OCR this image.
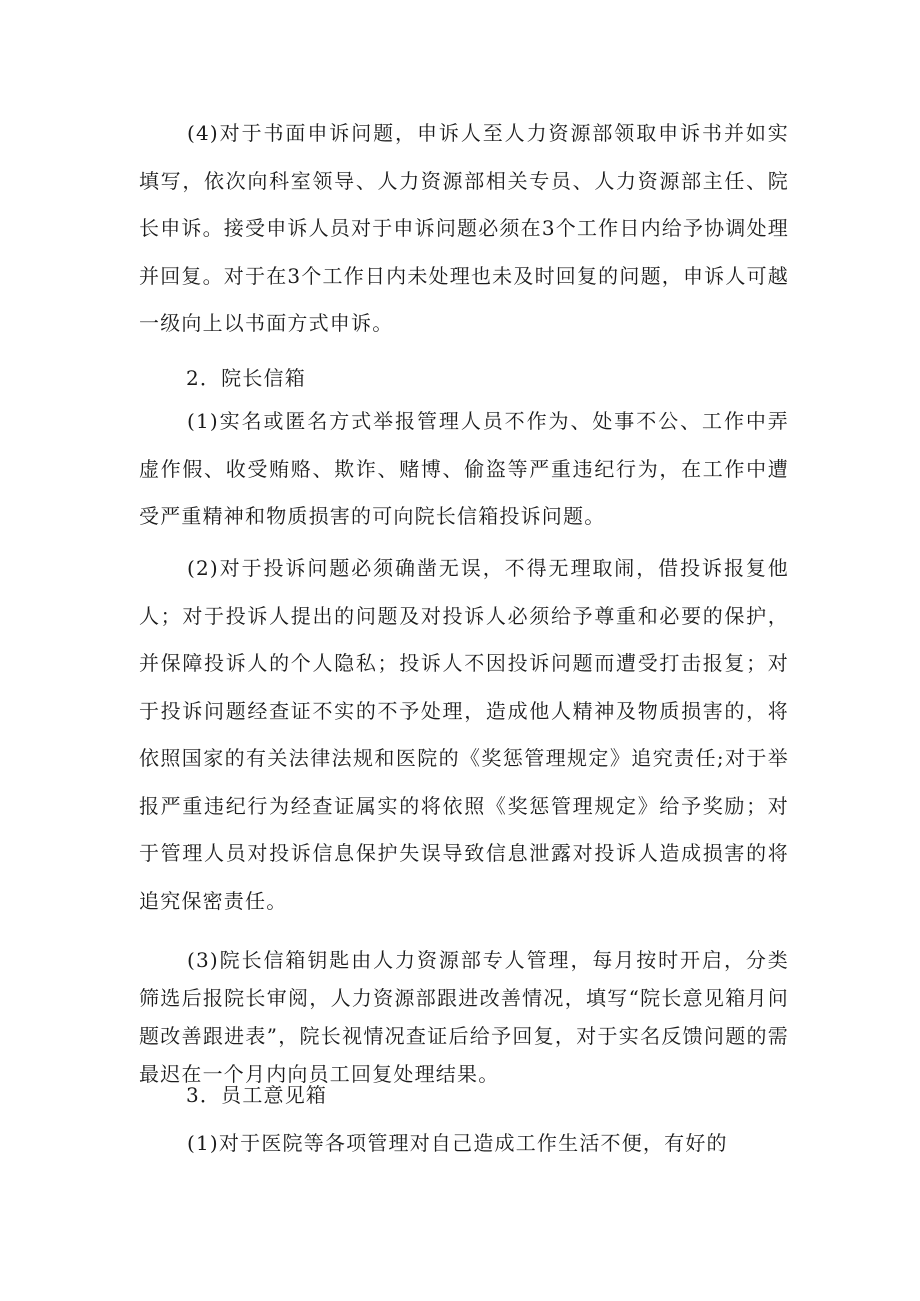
(4)对于书面申诉问题，申诉人至人力资源部领取申诉书并如实填写，依次向科室领导、人力资源部相关专员、人力资源部主任、院长申诉。接受申诉人员对于申诉问题必须在3个工作日内给予协调处理并回复。对于在3个工作日内未处理也未及时回复的问题，申诉人可越一级向上以书面方式申诉。

2．院长信箱

(1)实名或匿名方式举报管理人员不作为、处事不公、工作中弄虚作假、收受贿赂、欺诈、赌博、偷盗等严重违纪行为，在工作中遭受严重精神和物质损害的可向院长信箱投诉问题。

(2)对于投诉问题必须确凿无误，不得无理取闹，借投诉报复他人；对于投诉人提出的问题及对投诉人必须给予尊重和必要的保护，并保障投诉人的个人隐私；投诉人不因投诉问题而遭受打击报复；对于投诉问题经查证不实的不予处理，造成他人精神及物质损害的，将依照国家的有关法律法规和医院的《奖惩管理规定》追究责任;对于举报严重违纪行为经查证属实的将依照《奖惩管理规定》给予奖励；对于管理人员对投诉信息保护失误导致信息泄露对投诉人造成损害的将追究保密责任。

(3)院长信箱钥匙由人力资源部专人管理，每月按时开启，分类筛选后报院长审阅，人力资源部跟进改善情况，填写“院长意见箱月问题改善跟进表”，院长视情况查证后给予回复，对于实名反馈问题的需最迟在一个月内向员工回复处理结果。

3．员工意见箱

(1)对于医院等各项管理对自己造成工作生活不便，有好的
